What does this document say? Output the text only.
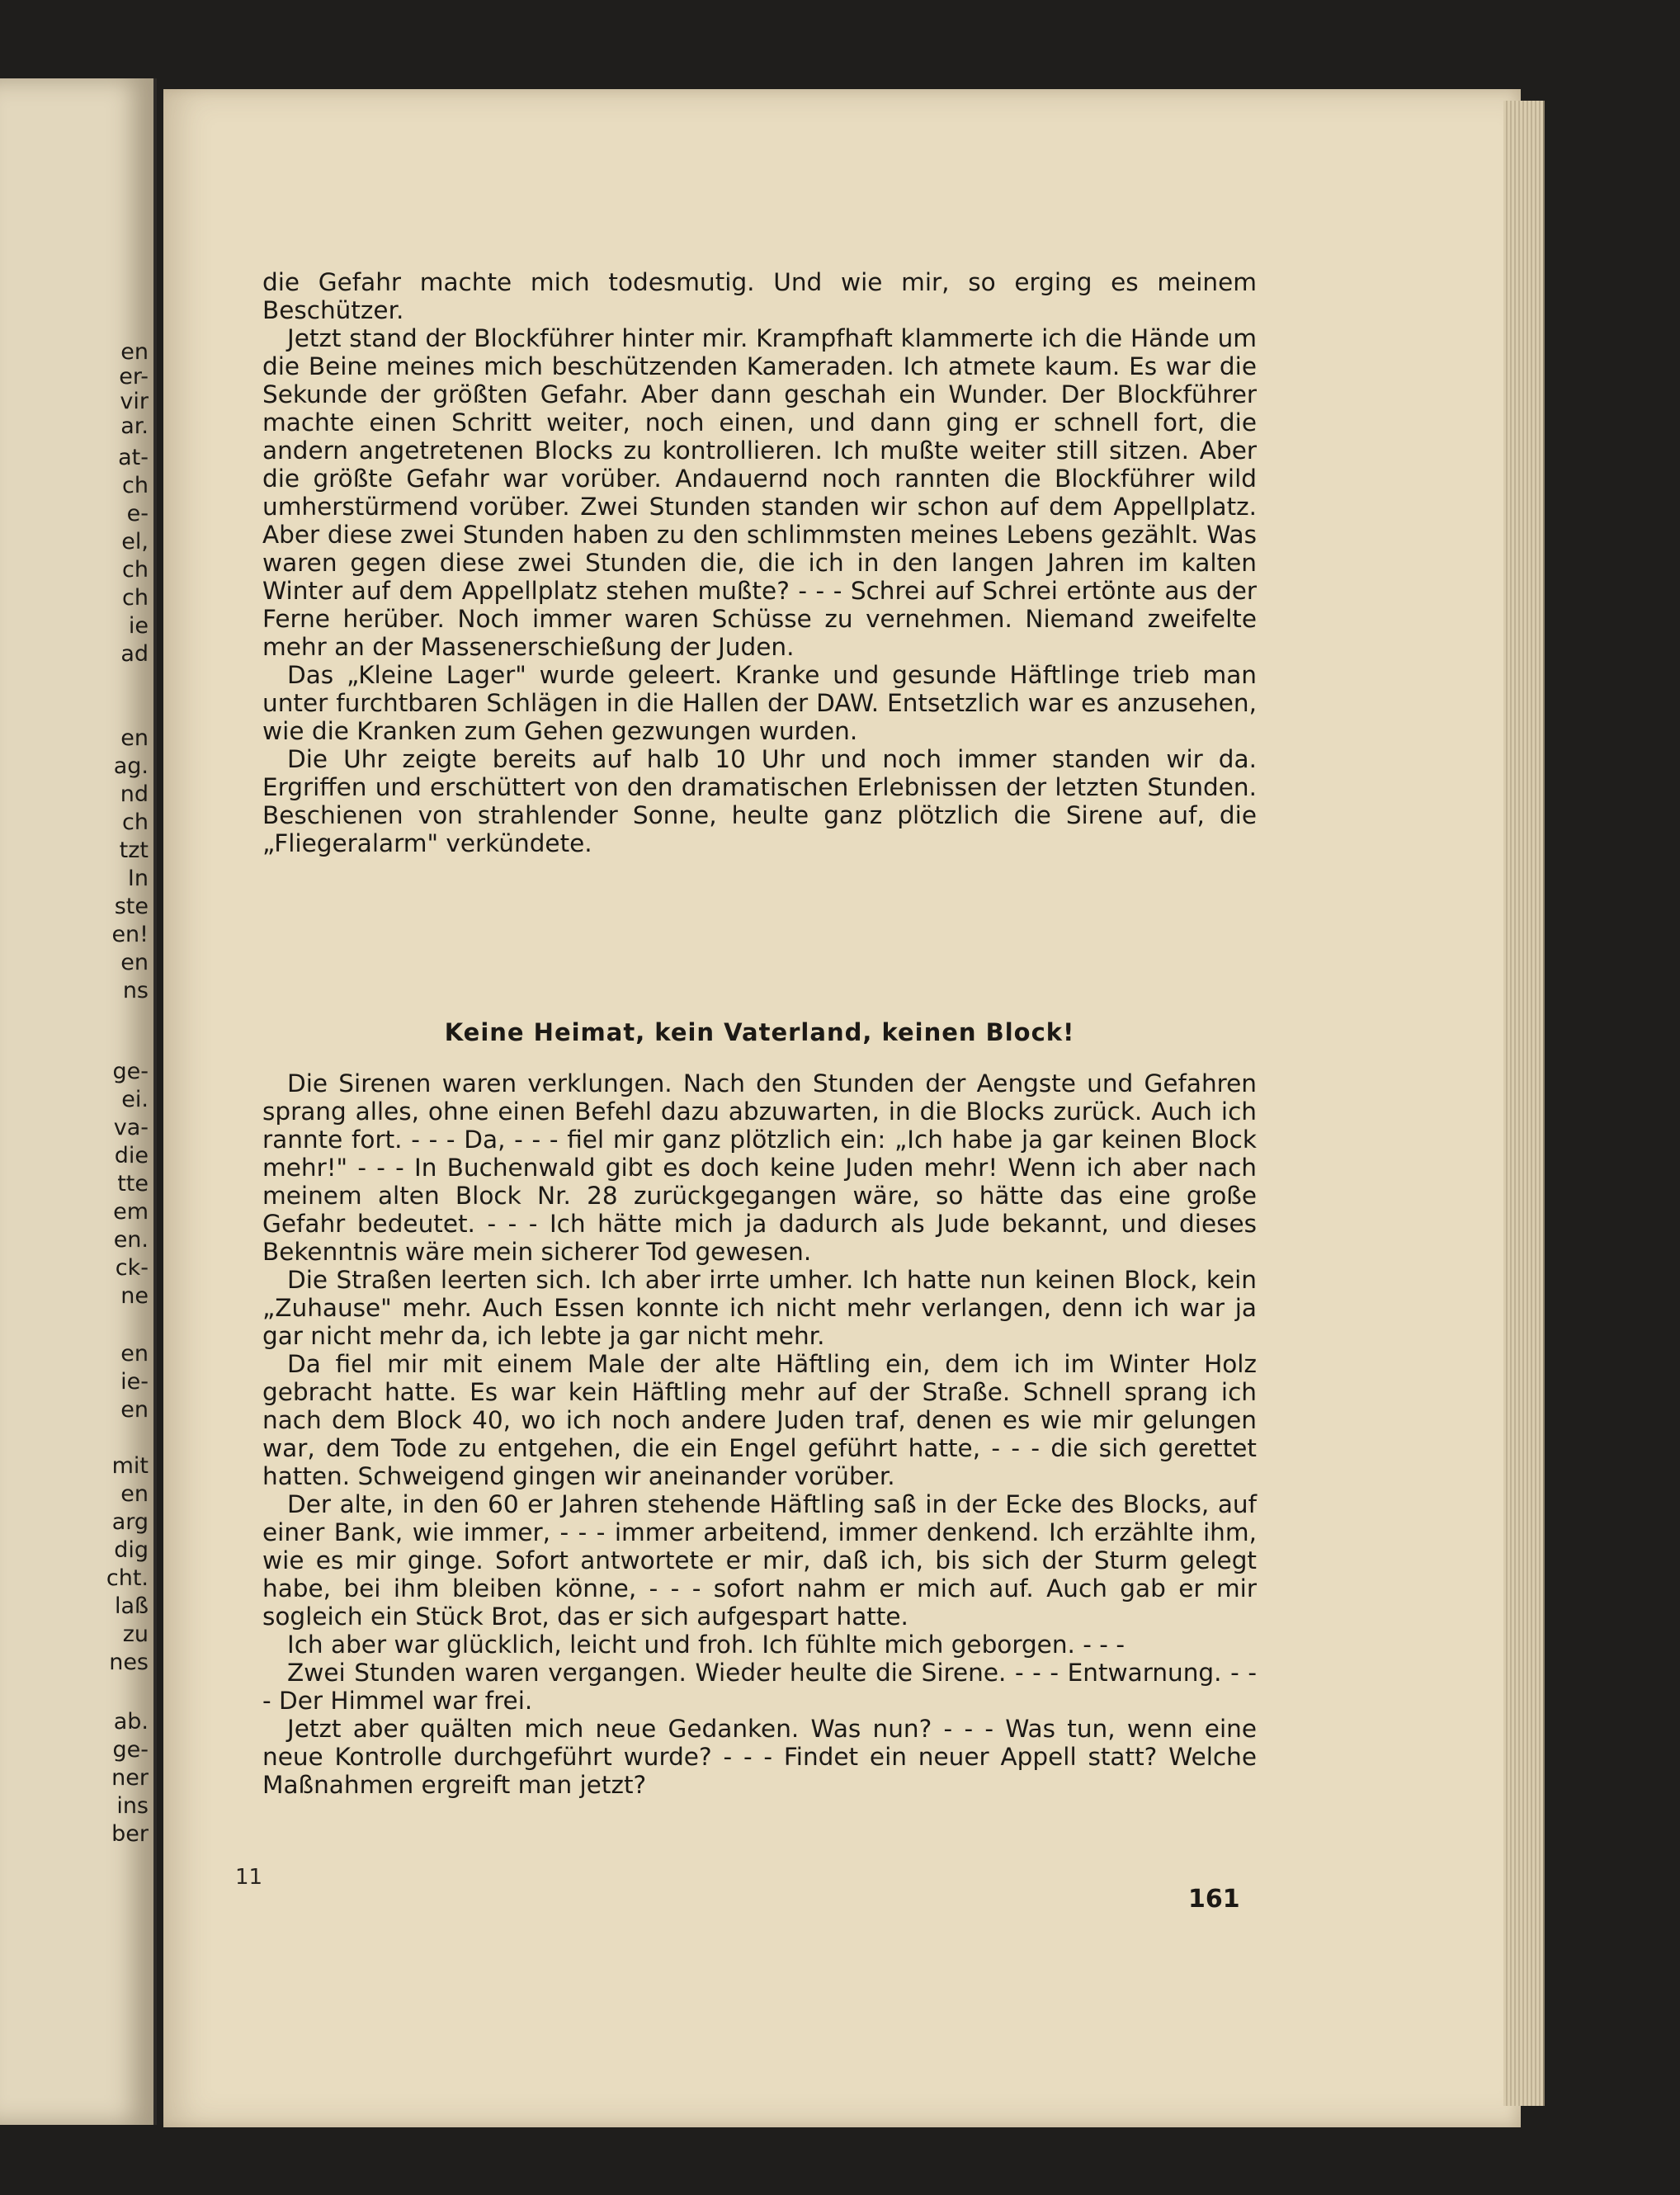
en
er-
vir
ar.
at-
ch
e-
el,
ch
ch
ie
ad
en
ag.
nd
ch
tzt
In
ste
en!
en
ns
ge-
ei.
va-
die
tte
em
en.
ck-
ne
en
ie-
en
mit
en
arg
dig
cht.
laß
zu
nes
ab.
ge-
ner
ins
ber

die Gefahr machte mich todesmutig. Und wie mir, so erging es meinem Beschützer.

Jetzt stand der Blockführer hinter mir. Krampfhaft klammerte ich die Hände um die Beine meines mich beschützenden Kameraden. Ich atmete kaum. Es war die Sekunde der größten Gefahr. Aber dann geschah ein Wunder. Der Blockführer machte einen Schritt weiter, noch einen, und dann ging er schnell fort, die andern angetretenen Blocks zu kontrollieren. Ich mußte weiter still sitzen. Aber die größte Gefahr war vorüber. Andauernd noch rannten die Blockführer wild umherstürmend vorüber. Zwei Stunden standen wir schon auf dem Appellplatz. Aber diese zwei Stunden haben zu den schlimmsten meines Lebens gezählt. Was waren gegen diese zwei Stunden die, die ich in den langen Jahren im kalten Winter auf dem Appellplatz stehen mußte? - - - Schrei auf Schrei ertönte aus der Ferne herüber. Noch immer waren Schüsse zu vernehmen. Niemand zweifelte mehr an der Massenerschießung der Juden.

Das „Kleine Lager" wurde geleert. Kranke und gesunde Häftlinge trieb man unter furchtbaren Schlägen in die Hallen der DAW. Entsetzlich war es anzusehen, wie die Kranken zum Gehen gezwungen wurden.

Die Uhr zeigte bereits auf halb 10 Uhr und noch immer standen wir da. Ergriffen und erschüttert von den dramatischen Erlebnissen der letzten Stunden. Beschienen von strahlender Sonne, heulte ganz plötzlich die Sirene auf, die „Fliegeralarm" verkündete.

Keine Heimat, kein Vaterland, keinen Block!

Die Sirenen waren verklungen. Nach den Stunden der Aengste und Gefahren sprang alles, ohne einen Befehl dazu abzuwarten, in die Blocks zurück. Auch ich rannte fort. - - - Da, - - - fiel mir ganz plötzlich ein: „Ich habe ja gar keinen Block mehr!" - - - In Buchenwald gibt es doch keine Juden mehr! Wenn ich aber nach meinem alten Block Nr. 28 zurückgegangen wäre, so hätte das eine große Gefahr bedeutet. - - - Ich hätte mich ja dadurch als Jude bekannt, und dieses Bekenntnis wäre mein sicherer Tod gewesen.

Die Straßen leerten sich. Ich aber irrte umher. Ich hatte nun keinen Block, kein „Zuhause" mehr. Auch Essen konnte ich nicht mehr verlangen, denn ich war ja gar nicht mehr da, ich lebte ja gar nicht mehr.

Da fiel mir mit einem Male der alte Häftling ein, dem ich im Winter Holz gebracht hatte. Es war kein Häftling mehr auf der Straße. Schnell sprang ich nach dem Block 40, wo ich noch andere Juden traf, denen es wie mir gelungen war, dem Tode zu entgehen, die ein Engel geführt hatte, - - - die sich gerettet hatten. Schweigend gingen wir aneinander vorüber.

Der alte, in den 60 er Jahren stehende Häftling saß in der Ecke des Blocks, auf einer Bank, wie immer, - - - immer arbeitend, immer denkend. Ich erzählte ihm, wie es mir ginge. Sofort antwortete er mir, daß ich, bis sich der Sturm gelegt habe, bei ihm bleiben könne, - - - sofort nahm er mich auf. Auch gab er mir sogleich ein Stück Brot, das er sich aufgespart hatte.

Ich aber war glücklich, leicht und froh. Ich fühlte mich geborgen. - - -

Zwei Stunden waren vergangen. Wieder heulte die Sirene. - - - Entwarnung. - - - Der Himmel war frei.

Jetzt aber quälten mich neue Gedanken. Was nun? - - - Was tun, wenn eine neue Kontrolle durchgeführt wurde? - - - Findet ein neuer Appell statt? Welche Maßnahmen ergreift man jetzt?

11
161
